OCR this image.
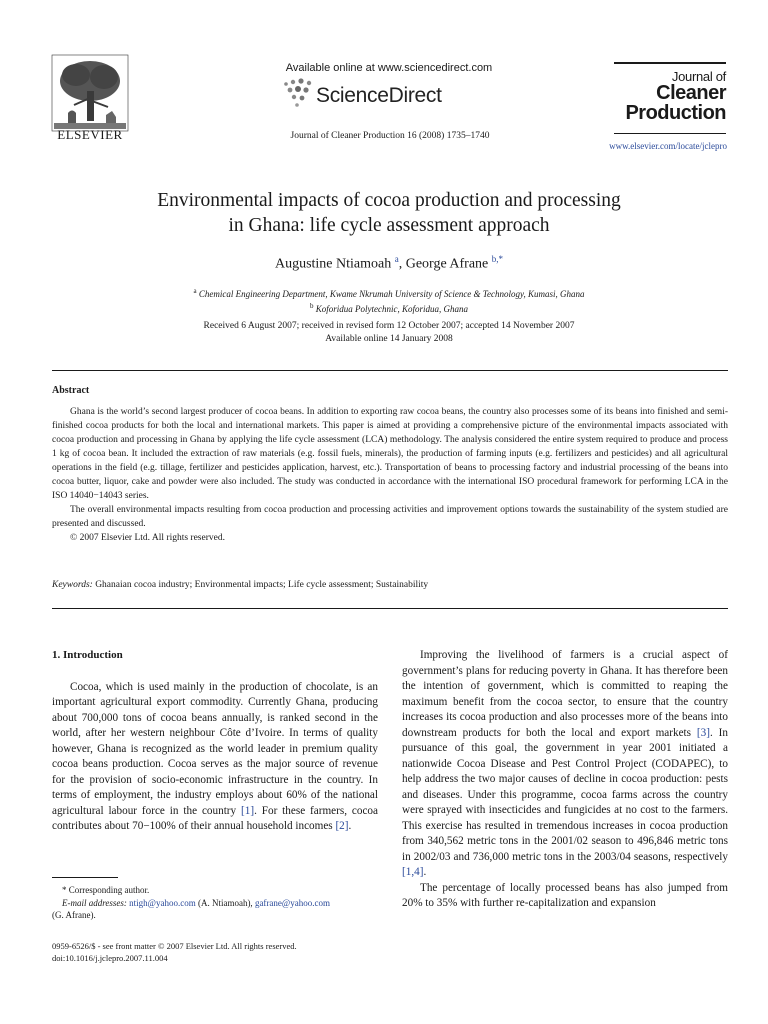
ELSEVIER
Available online at www.sciencedirect.com
ScienceDirect
Journal of Cleaner Production 16 (2008) 1735–1740
Journal of
Cleaner
Production
www.elsevier.com/locate/jclepro
Environmental impacts of cocoa production and processing
in Ghana: life cycle assessment approach
Augustine Ntiamoah $^a$, George Afrane $^{b,*}$
$^a$ Chemical Engineering Department, Kwame Nkrumah University of Science & Technology, Kumasi, Ghana
$^b$ Koforidua Polytechnic, Koforidua, Ghana
Received 6 August 2007; received in revised form 12 October 2007; accepted 14 November 2007
Available online 14 January 2008
Abstract

Ghana is the world’s second largest producer of cocoa beans. In addition to exporting raw cocoa beans, the country also processes some of its beans into finished and semi-finished cocoa products for both the local and international markets. This paper is aimed at providing a comprehensive picture of the environmental impacts associated with cocoa production and processing in Ghana by applying the life cycle assessment (LCA) methodology. The analysis considered the entire system required to produce and process 1 kg of cocoa bean. It included the extraction of raw materials (e.g. fossil fuels, minerals), the production of farming inputs (e.g. fertilizers and pesticides) and all agricultural operations in the field (e.g. tillage, fertilizer and pesticides application, harvest, etc.). Transportation of beans to processing factory and industrial processing of the beans into cocoa butter, liquor, cake and powder were also included. The study was conducted in accordance with the international ISO procedural framework for performing LCA in the ISO 14040−14043 series.

The overall environmental impacts resulting from cocoa production and processing activities and improvement options towards the sustainability of the system studied are presented and discussed.

© 2007 Elsevier Ltd. All rights reserved.

Keywords: Ghanaian cocoa industry; Environmental impacts; Life cycle assessment; Sustainability
1. Introduction

Cocoa, which is used mainly in the production of chocolate, is an important agricultural export commodity. Currently Ghana, producing about 700,000 tons of cocoa beans annually, is ranked second in the world, after her western neighbour Côte d’Ivoire. In terms of quality however, Ghana is recognized as the world leader in premium quality cocoa beans production. Cocoa serves as the major source of revenue for the provision of socio-economic infrastructure in the country. In terms of employment, the industry employs about 60% of the national agricultural labour force in the country [1]. For these farmers, cocoa contributes about 70−100% of their annual household incomes [2].

Improving the livelihood of farmers is a crucial aspect of government’s plans for reducing poverty in Ghana. It has therefore been the intention of government, which is committed to reaping the maximum benefit from the cocoa sector, to ensure that the country increases its cocoa production and also processes more of the beans into downstream products for both the local and export markets [3]. In pursuance of this goal, the government in year 2001 initiated a nationwide Cocoa Disease and Pest Control Project (CODAPEC), to help address the two major causes of decline in cocoa production: pests and diseases. Under this programme, cocoa farms across the country were sprayed with insecticides and fungicides at no cost to the farmers. This exercise has resulted in tremendous increases in cocoa production from 340,562 metric tons in the 2001/02 season to 496,846 metric tons in 2002/03 and 736,000 metric tons in the 2003/04 seasons, respectively [1,4].

The percentage of locally processed beans has also jumped from 20% to 35% with further re-capitalization and expansion

* Corresponding author.
E-mail addresses: ntigh@yahoo.com (A. Ntiamoah), gafrane@yahoo.com
(G. Afrane).
0959-6526/$ - see front matter © 2007 Elsevier Ltd. All rights reserved.
doi:10.1016/j.jclepro.2007.11.004
